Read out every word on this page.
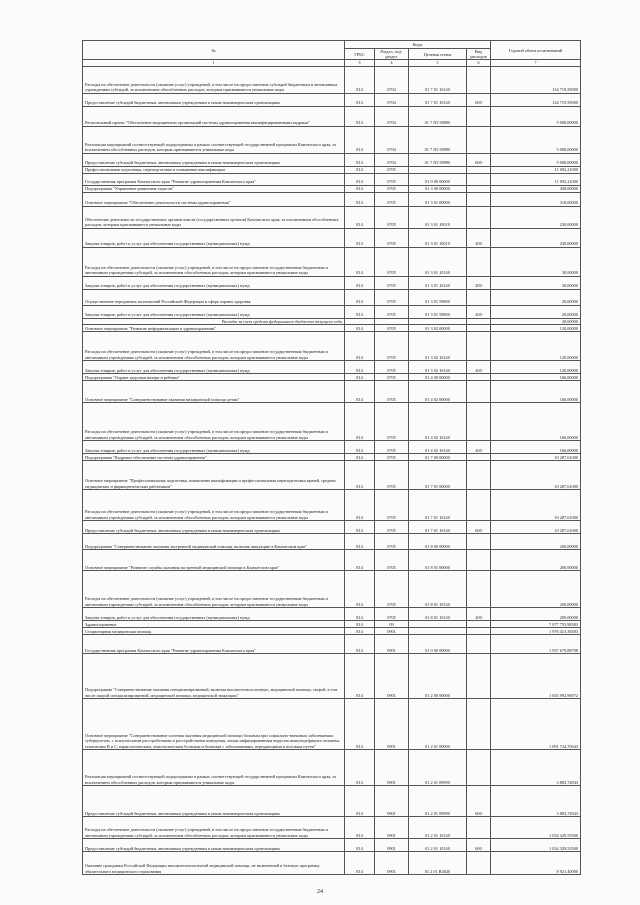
№	Коды				Годовой объем ассигнований
	ГРБС	Раздел, под- раздел	Целевая статья	Вид расходов	
1	3	4	5	6	7
Расходы на обеспечение деятельности (оказание услуг) учреждений, в том числе на предоставление субсидий бюджетным и автономным учреждениям субсидий, за исключением обособленных расходов, которым присваиваются уникальные коды	814	0704	01 7 01 10140		134 719,59000
Предоставление субсидий бюджетным, автономным учреждениям и иным некоммерческим организациям	814	0704	01 7 01 10140	600	134 719,59000
Региональный проект "Обеспечение медицинских организаций системы здравоохранения квалифицированными кадрами"	814	0704	01 7 N5 00000		5 000,00000
Реализация мероприятий соответствующей подпрограммы в рамках соответствующей государственной программы Камчатского края, за исключением обособленных расходов, которым присваиваются уникальные коды	814	0704	01 7 N5 09990		5 000,00000
Предоставление субсидий бюджетным, автономным учреждениям и иным некоммерческим организациям	814	0704	01 7 N5 09990	600	5 000,00000
Профессиональная подготовка, переподготовка и повышение квалификации	814	0705			11 092,21000
Государственная программа Камчатского края "Развитие здравоохранения Камчатского края"	814	0705	01 0 00 00000		11 092,21000
Подпрограмма "Управление развитием отрасли"	814	0705	01 3 00 00000		438,60000
Основное мероприятие "Обеспечение деятельности системы здравоохранения"	814	0705	01 3 01 00000		318,60000
Обеспечение деятельности государственных органов власти (государственных органов) Камчатского края, за исключением обособленных расходов, которым присваиваются уникальные коды	814	0705	01 3 01 10010		230,00000
Закупка товаров, работ и услуг для обеспечения государственных (муниципальных) нужд	814	0705	01 3 01 10010	200	230,00000
Расходы на обеспечение деятельности (оказание услуг) учреждений, в том числе на предоставление государственным бюджетным и автономным учреждениям субсидий, за исключением обособленных расходов, которым присваиваются уникальные коды	814	0705	01 3 01 10140		30,00000
Закупка товаров, работ и услуг для обеспечения государственных (муниципальных) нужд	814	0705	01 3 01 10140	200	30,00000
Осуществление переданных полномочий Российской Федерации в сфере охраны здоровья	814	0705	01 3 01 59800		28,60000
Закупка товаров, работ и услуг для обеспечения государственных (муниципальных) нужд	814	0705	01 3 01 59800	200	28,60000
Расходы за счет средств федерального бюджета текущего года					28,60000
Основное мероприятие "Развитие информатизации в здравоохранении"	814	0705	01 3 02 00000		120,00000
Расходы на обеспечение деятельности (оказание услуг) учреждений, в том числе на предоставление государственным бюджетным и автономным учреждениям субсидий, за исключением обособленных расходов, которым присваиваются уникальные коды	814	0705	01 3 02 10140		120,00000
Закупка товаров, работ и услуг для обеспечения государственных (муниципальных) нужд	814	0705	01 3 02 10140	200	120,00000
Подпрограмма "Охрана здоровья матери и ребенка"	814	0705	01 4 00 00000		166,00000
Основное мероприятие "Совершенствование оказания медицинской помощи детям"	814	0705	01 4 02 00000		166,00000
Расходы на обеспечение деятельности (оказание услуг) учреждений, в том числе на предоставление государственным бюджетным и автономным учреждениям субсидий, за исключением обособленных расходов, которым присваиваются уникальные коды	814	0705	01 4 02 10140		166,00000
Закупка товаров, работ и услуг для обеспечения государственных (муниципальных) нужд	814	0705	01 4 02 10140	200	166,00000
Подпрограмма "Кадровое обеспечение системы здравоохранения"	814	0705	01 7 00 00000		10 287,61000
Основное мероприятие "Профессиональная подготовка, повышение квалификации и профессиональная переподготовка врачей, средних медицинских и фармацевтических работников"	814	0705	01 7 01 00000		10 287,61000
Расходы на обеспечение деятельности (оказание услуг) учреждений, в том числе на предоставление государственным бюджетным и автономным учреждениям субсидий, за исключением обособленных расходов, которым присваиваются уникальные коды	814	0705	01 7 01 10140		10 287,61000
Предоставление субсидий бюджетным, автономным учреждениям и иным некоммерческим организациям	814	0705	01 7 01 10140	600	10 287,61000
Подпрограмма "Совершенствование оказания экстренной медицинской помощи, включая эвакуацию в Камчатском крае"	814	0705	01 8 00 00000		200,00000
Основное мероприятие "Развитие службы оказания экстренной медицинской помощи в Камчатском крае"	814	0705	01 8 01 00000		200,00000
Расходы на обеспечение деятельности (оказание услуг) учреждений, в том числе на предоставление государственным бюджетным и автономным учреждениям субсидий, за исключением обособленных расходов, которым присваиваются уникальные коды	814	0705	01 8 01 10140		200,00000
Закупка товаров, работ и услуг для обеспечения государственных (муниципальных) нужд	814	0705	01 8 01 10140	200	200,00000
Здравоохранение	814	09			7 077 755,98383
Стационарная медицинская помощь	814	0901			1 976 413,38483
Государственная программа Камчатского края "Развитие здравоохранения Камчатского края"	814	0901	01 0 00 00000		1 937 679,88708
Подпрограмма "Совершенствование оказания специализированной, включая высокотехнологичную, медицинской помощи, скорой, в том числе скорой специализированной, медицинской помощи, медицинской эвакуации"	814	0901	01 2 00 00000		1 635 992,96972
Основное мероприятие "Совершенствование системы оказания медицинской помощи больным при социально-значимых заболеваниях: туберкулезом, с психическими расстройствами и расстройствами поведения, лицам инфицированным вирусом иммунодефицита человека, гепатитами В и С, наркологическим, онкологическим больным и больным с заболеваниями, передающимися половым путем"	814	0901	01 2 01 00000		1 091 724,70643
Реализация мероприятий соответствующей подпрограммы в рамках соответствующей государственной программы Камчатского края, за исключением обособленных расходов, которым присваиваются уникальные коды	814	0901	01 2 01 09990		3 883,74843
Предоставление субсидий бюджетным, автономным учреждениям и иным некоммерческим организациям	814	0901	01 2 01 09990	600	3 883,74843
Расходы на обеспечение деятельности (оказание услуг) учреждений, в том числе на предоставление государственным бюджетным и автономным учреждениям субсидий, за исключением обособленных расходов, которым присваиваются уникальные коды	814	0901	01 2 01 10140		1 034 329,53500
Предоставление субсидий бюджетным, автономным учреждениям и иным некоммерческим организациям	814	0901	01 2 01 10140	600	1 034 329,53500
Оказание гражданам Российской Федерации высокотехнологичной медицинской помощи, не включенной в базовую программу обязательного медицинского страхования	814	0901	01 2 01 R4020		8 921,40000
24
